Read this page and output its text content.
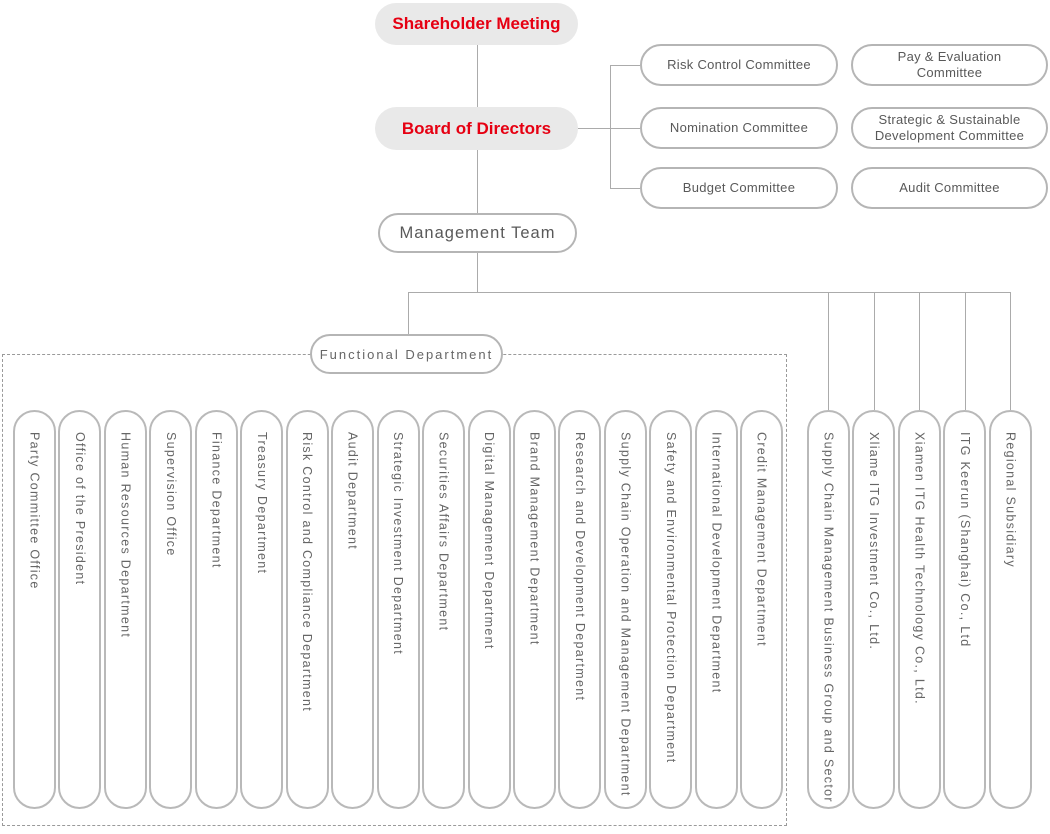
Shareholder Meeting
Board of Directors
Management Team
Risk Control Committee
Nomination Committee
Budget Committee
Pay & Evaluation Committee
Strategic & Sustainable Development Committee
Audit Committee
Functional Department
Party Committee Office	Office of the President	Human Resources Department	Supervision Office	Finance Department	Treasury Department	Risk Control and Compliance Department	Audit Department	Strategic Investment Department	Securities Affairs Department	Digital Management Department	Brand Management Department	Research and Development Department	Supply Chain Operation and Management Department	Safety and Environmental Protection Department	International Development Department	Credit Management Department	Supply Chain Management Business Group and Sector	Xliame ITG Investment Co., Ltd.	Xiamen ITG Health Technology Co., Ltd.	ITG Keerun (Shanghai) Co., Ltd	Regional Subsidiary
